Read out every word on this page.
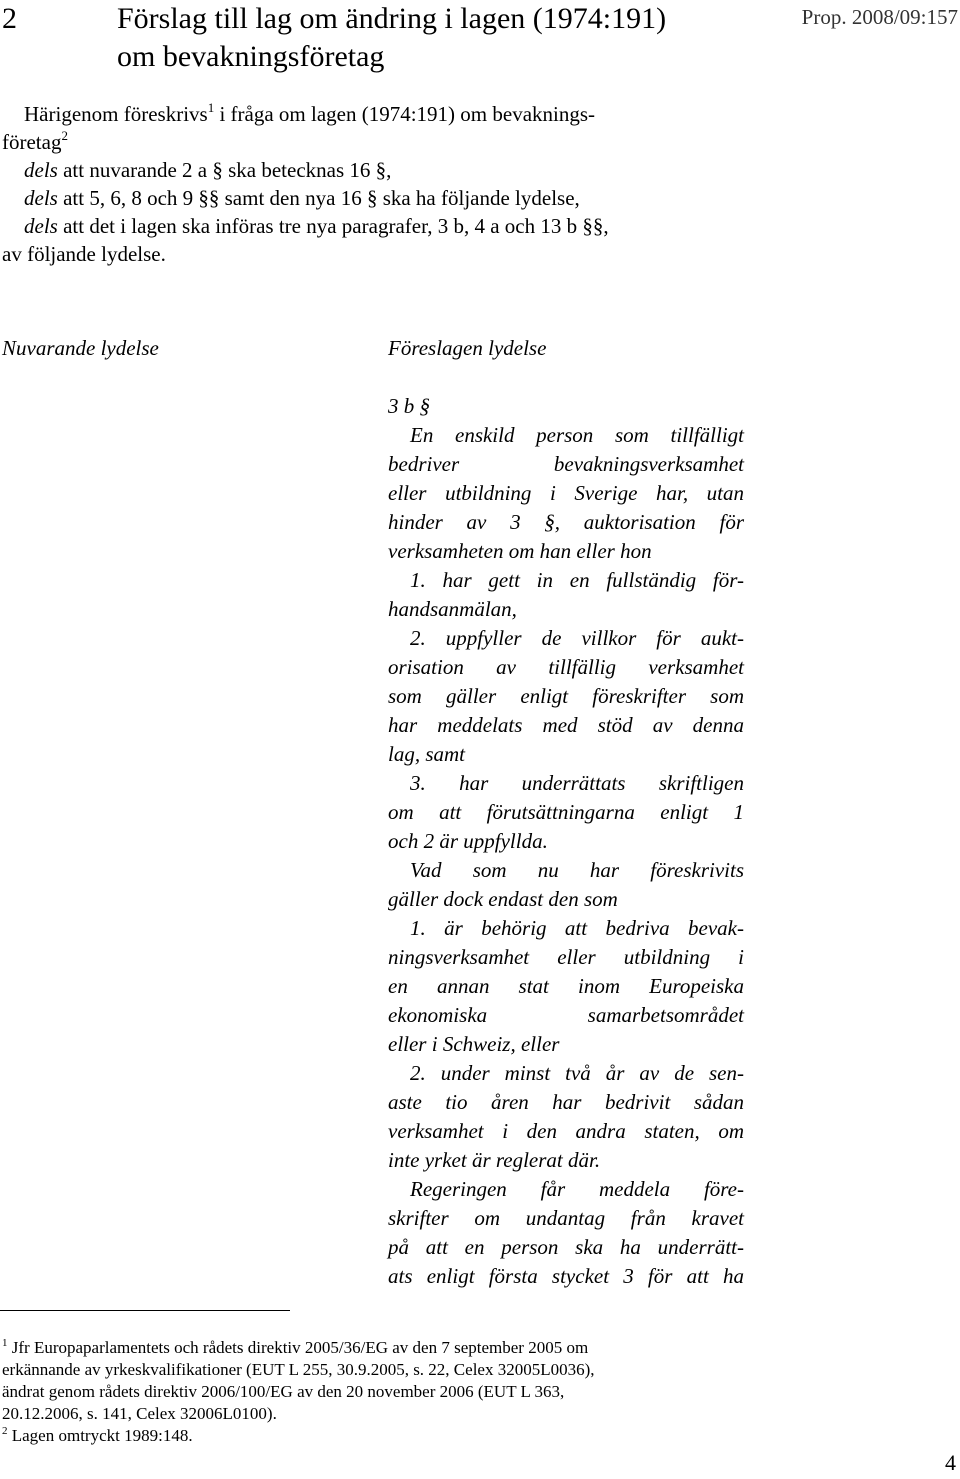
2	Förslag till lag om ändring i lagen (1974:191)
om bevakningsföretag
Prop. 2008/09:157
Härigenom föreskrivs$^1$ i fråga om lagen (1974:191) om bevaknings-
företag$^2$
dels att nuvarande 2 a § ska betecknas 16 §,
dels att 5, 6, 8 och 9 §§ samt den nya 16 § ska ha följande lydelse,
dels att det i lagen ska införas tre nya paragrafer, 3 b, 4 a och 13 b §§,
av följande lydelse.
Nuvarande lydelse	Föreslagen lydelse
3 b §
En enskild person som tillfälligt
bedriver bevakningsverksamhet
eller utbildning i Sverige har, utan
hinder av 3 §, auktorisation för
verksamheten om han eller hon
1. har gett in en fullständig för-
handsanmälan,
2. uppfyller de villkor för aukt-
orisation av tillfällig verksamhet
som gäller enligt föreskrifter som
har meddelats med stöd av denna
lag, samt
3. har underrättats skriftligen
om att förutsättningarna enligt 1
och 2 är uppfyllda.
Vad som nu har föreskrivits
gäller dock endast den som
1. är behörig att bedriva bevak-
ningsverksamhet eller utbildning i
en annan stat inom Europeiska
ekonomiska samarbetsområdet
eller i Schweiz, eller
2. under minst två år av de sen-
aste tio åren har bedrivit sådan
verksamhet i den andra staten, om
inte yrket är reglerat där.
Regeringen får meddela före-
skrifter om undantag från kravet
på att en person ska ha underrätt-
ats enligt första stycket 3 för att ha
$^1$ Jfr Europaparlamentets och rådets direktiv 2005/36/EG av den 7 september 2005 om
erkännande av yrkeskvalifikationer (EUT L 255, 30.9.2005, s. 22, Celex 32005L0036),
ändrat genom rådets direktiv 2006/100/EG av den 20 november 2006 (EUT L 363,
20.12.2006, s. 141, Celex 32006L0100).
$^2$ Lagen omtryckt 1989:148.
4
